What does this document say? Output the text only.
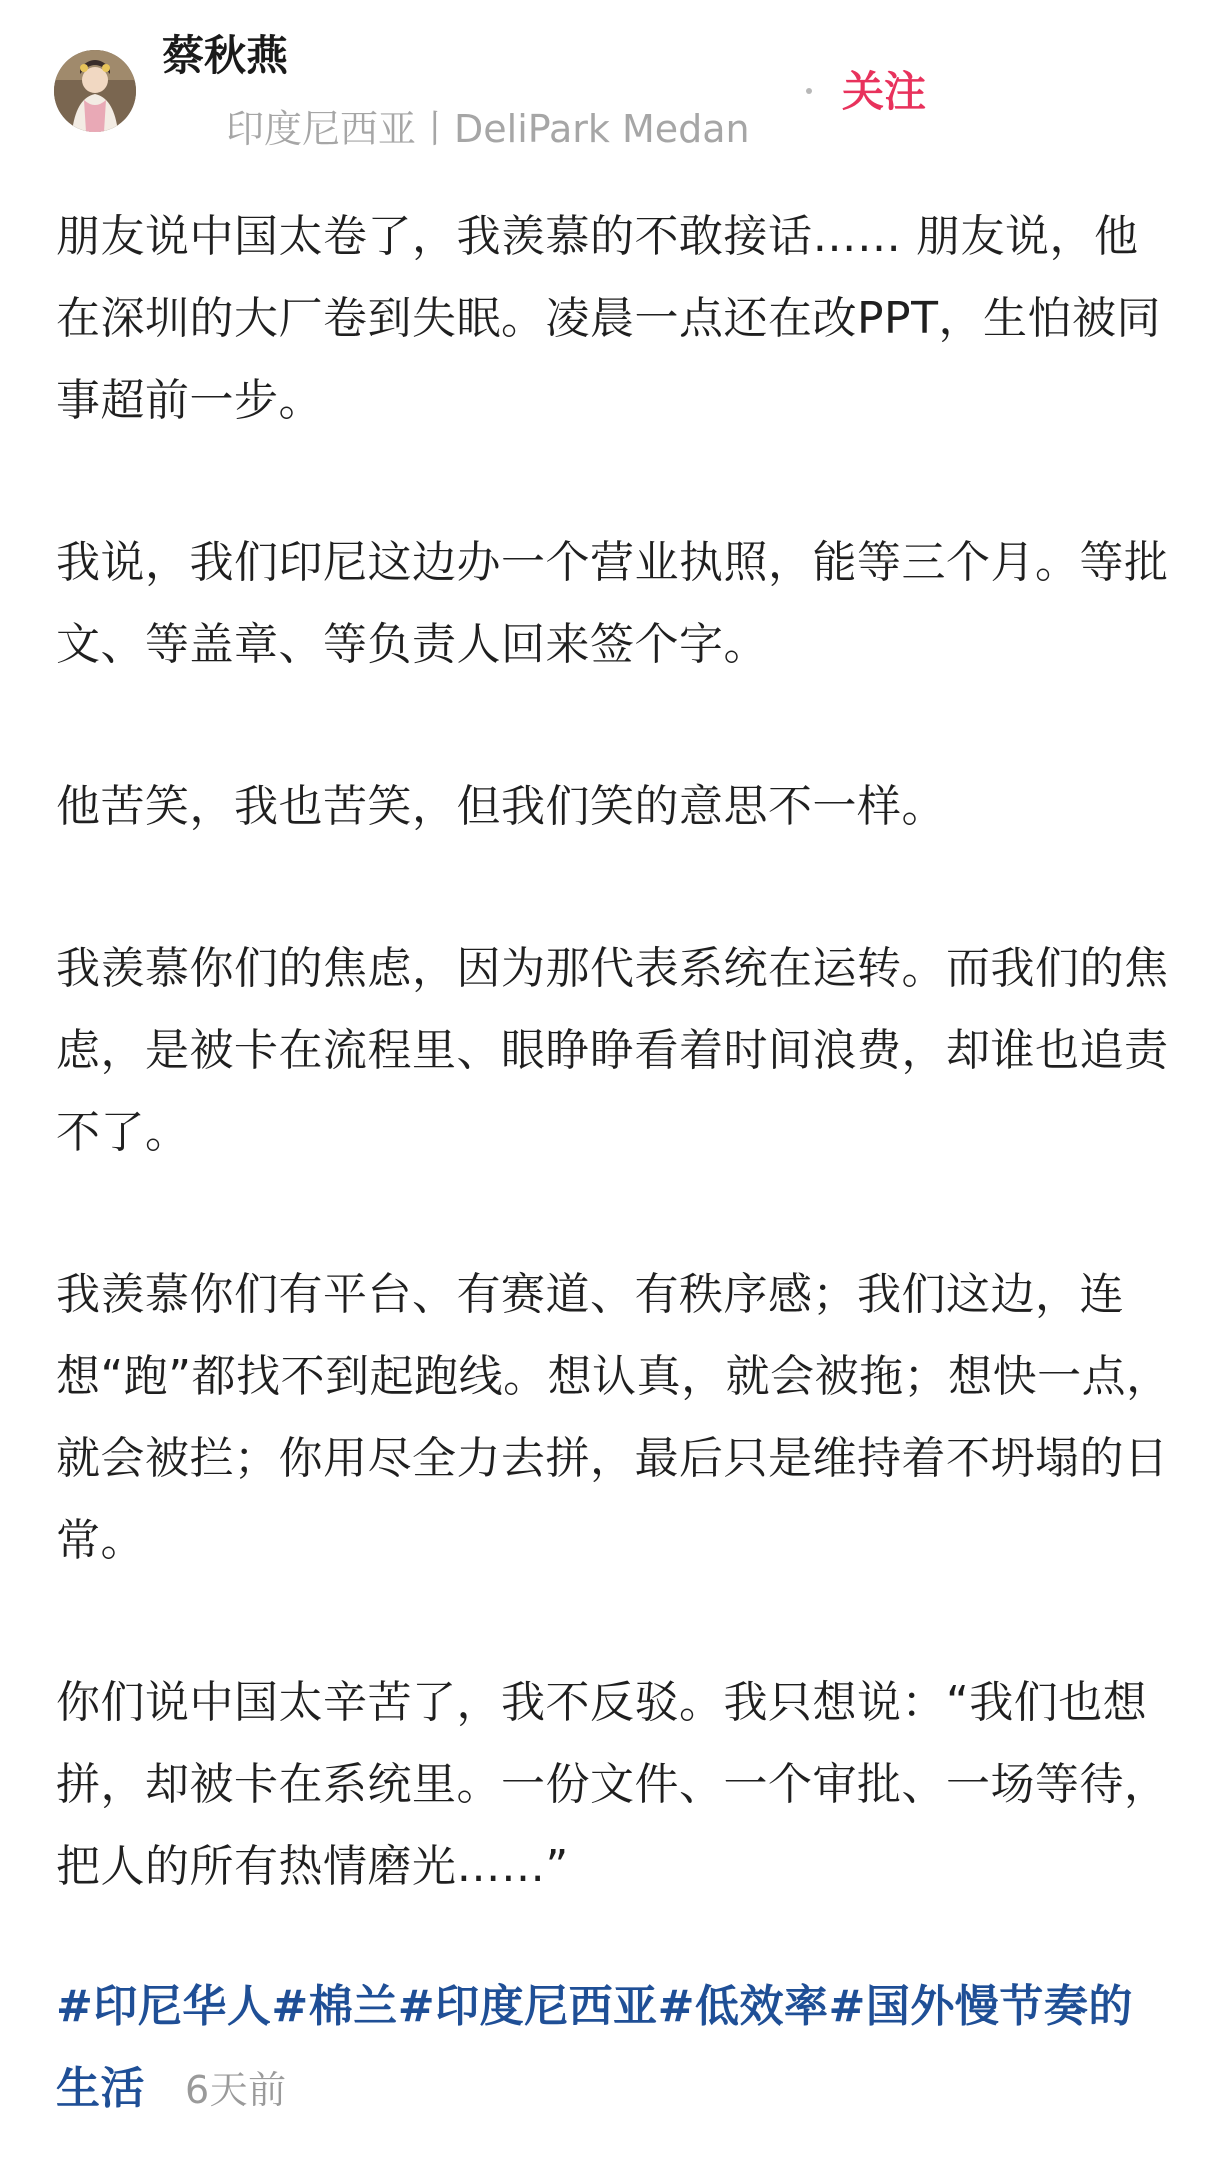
蔡秋燕
印度尼西亚丨DeliPark Medan
关注

朋友说中国太卷了，我羡慕的不敢接话…… 朋友说，他在深圳的大厂卷到失眠。凌晨一点还在改PPT，生怕被同事超前一步。

我说，我们印尼这边办一个营业执照，能等三个月。等批文、等盖章、等负责人回来签个字。

他苦笑，我也苦笑，但我们笑的意思不一样。

我羡慕你们的焦虑，因为那代表系统在运转。而我们的焦虑，是被卡在流程里、眼睁睁看着时间浪费，却谁也追责不了。

我羡慕你们有平台、有赛道、有秩序感；我们这边，连想“跑”都找不到起跑线。想认真，就会被拖；想快一点，就会被拦；你用尽全力去拼，最后只是维持着不坍塌的日常。

你们说中国太辛苦了，我不反驳。我只想说：“我们也想拼，却被卡在系统里。一份文件、一个审批、一场等待，把人的所有热情磨光……”

#印尼华人#棉兰#印度尼西亚#低效率#国外慢节奏的生活 6天前
